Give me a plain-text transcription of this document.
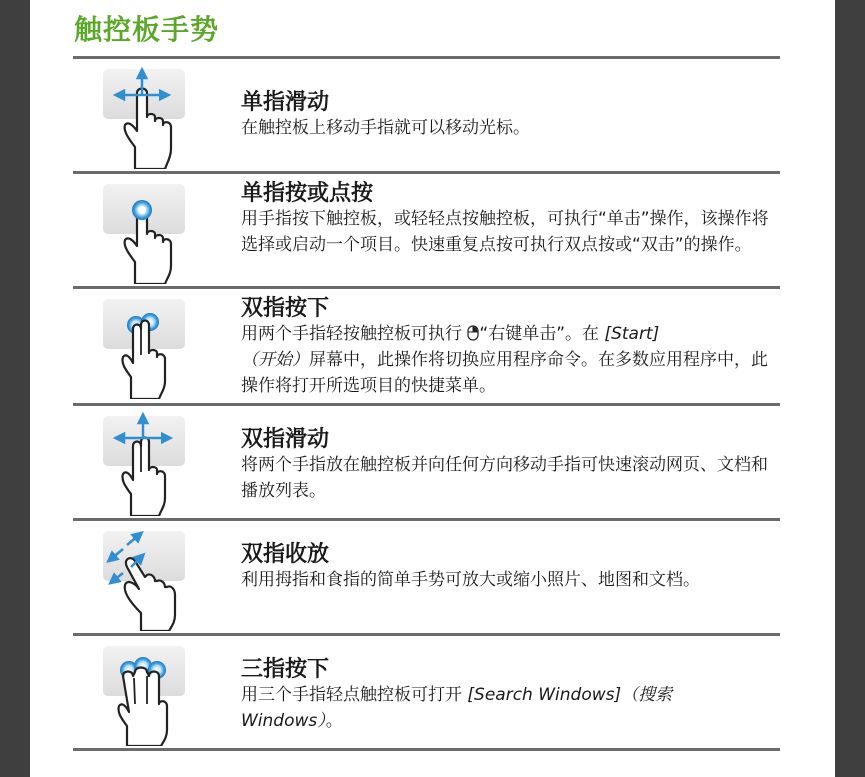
触控板手势
单指滑动
在触控板上移动手指就可以移动光标。
单指按或点按
用手指按下触控板，或轻轻点按触控板，可执行“单击”操作，该操作将选择或启动一个项目。快速重复点按可执行双点按或“双击”的操作。
双指按下
用两个手指轻按触控板可执行 “右键单击”。在 [Start]
（开始）屏幕中，此操作将切换应用程序命令。在多数应用程序中，此操作将打开所选项目的快捷菜单。
双指滑动
将两个手指放在触控板并向任何方向移动手指可快速滚动网页、文档和播放列表。
双指收放
利用拇指和食指的简单手势可放大或缩小照片、地图和文档。
三指按下
用三个手指轻点触控板可打开 [Search Windows]（搜索 Windows）。
